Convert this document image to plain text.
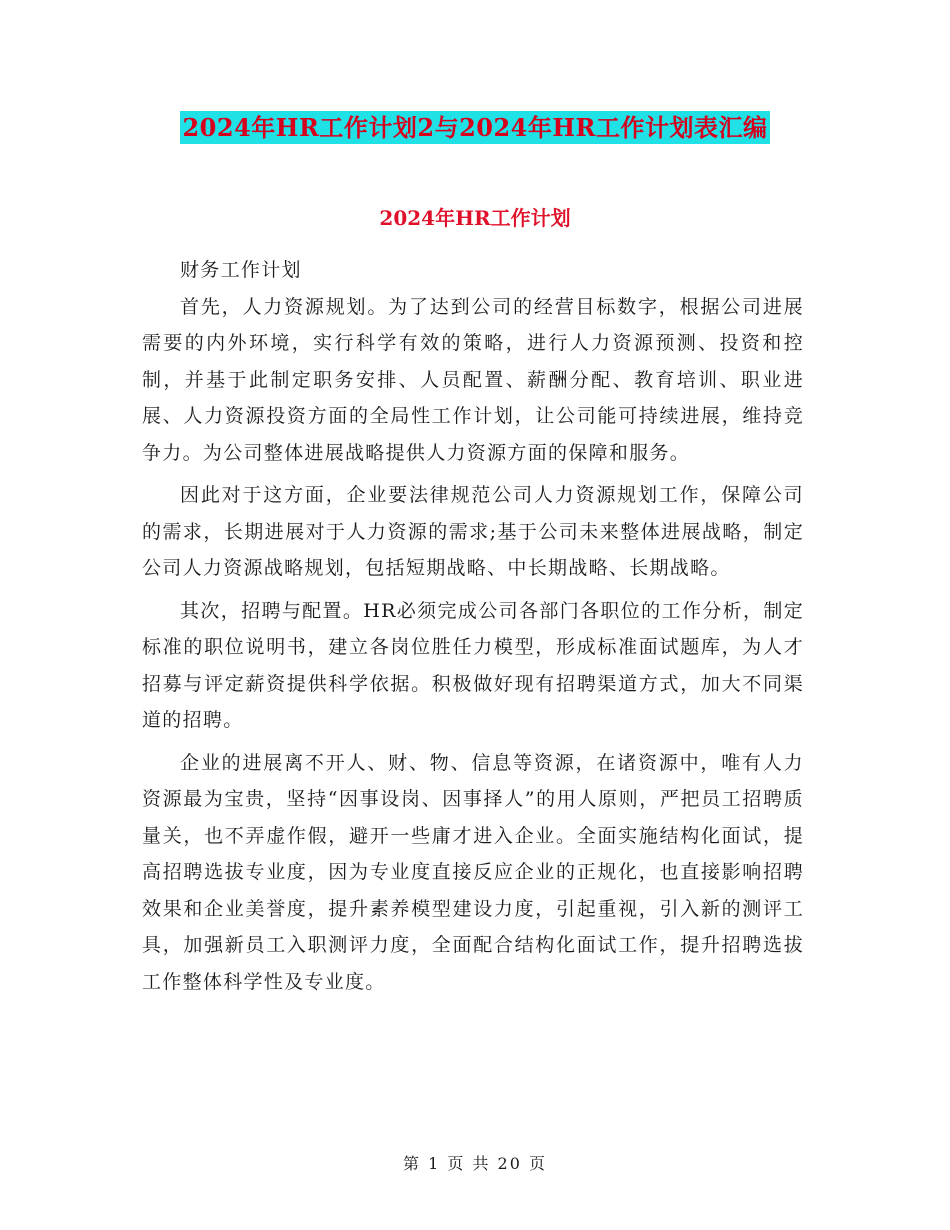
2024年HR工作计划2与2024年HR工作计划表汇编
2024年HR工作计划

财务工作计划

首先，人力资源规划。为了达到公司的经营目标数字，根据公司进展需要的内外环境，实行科学有效的策略，进行人力资源预测、投资和控制，并基于此制定职务安排、人员配置、薪酬分配、教育培训、职业进展、人力资源投资方面的全局性工作计划，让公司能可持续进展，维持竞争力。为公司整体进展战略提供人力资源方面的保障和服务。

因此对于这方面，企业要法律规范公司人力资源规划工作，保障公司的需求，长期进展对于人力资源的需求;基于公司未来整体进展战略，制定公司人力资源战略规划，包括短期战略、中长期战略、长期战略。

其次，招聘与配置。HR必须完成公司各部门各职位的工作分析，制定标准的职位说明书，建立各岗位胜任力模型，形成标准面试题库，为人才招募与评定薪资提供科学依据。积极做好现有招聘渠道方式，加大不同渠道的招聘。

企业的进展离不开人、财、物、信息等资源，在诸资源中，唯有人力资源最为宝贵，坚持“因事设岗、因事择人”的用人原则，严把员工招聘质量关，也不弄虚作假，避开一些庸才进入企业。全面实施结构化面试，提高招聘选拔专业度，因为专业度直接反应企业的正规化，也直接影响招聘效果和企业美誉度，提升素养模型建设力度，引起重视，引入新的测评工具，加强新员工入职测评力度，全面配合结构化面试工作，提升招聘选拔工作整体科学性及专业度。

第 1 页 共 20 页
